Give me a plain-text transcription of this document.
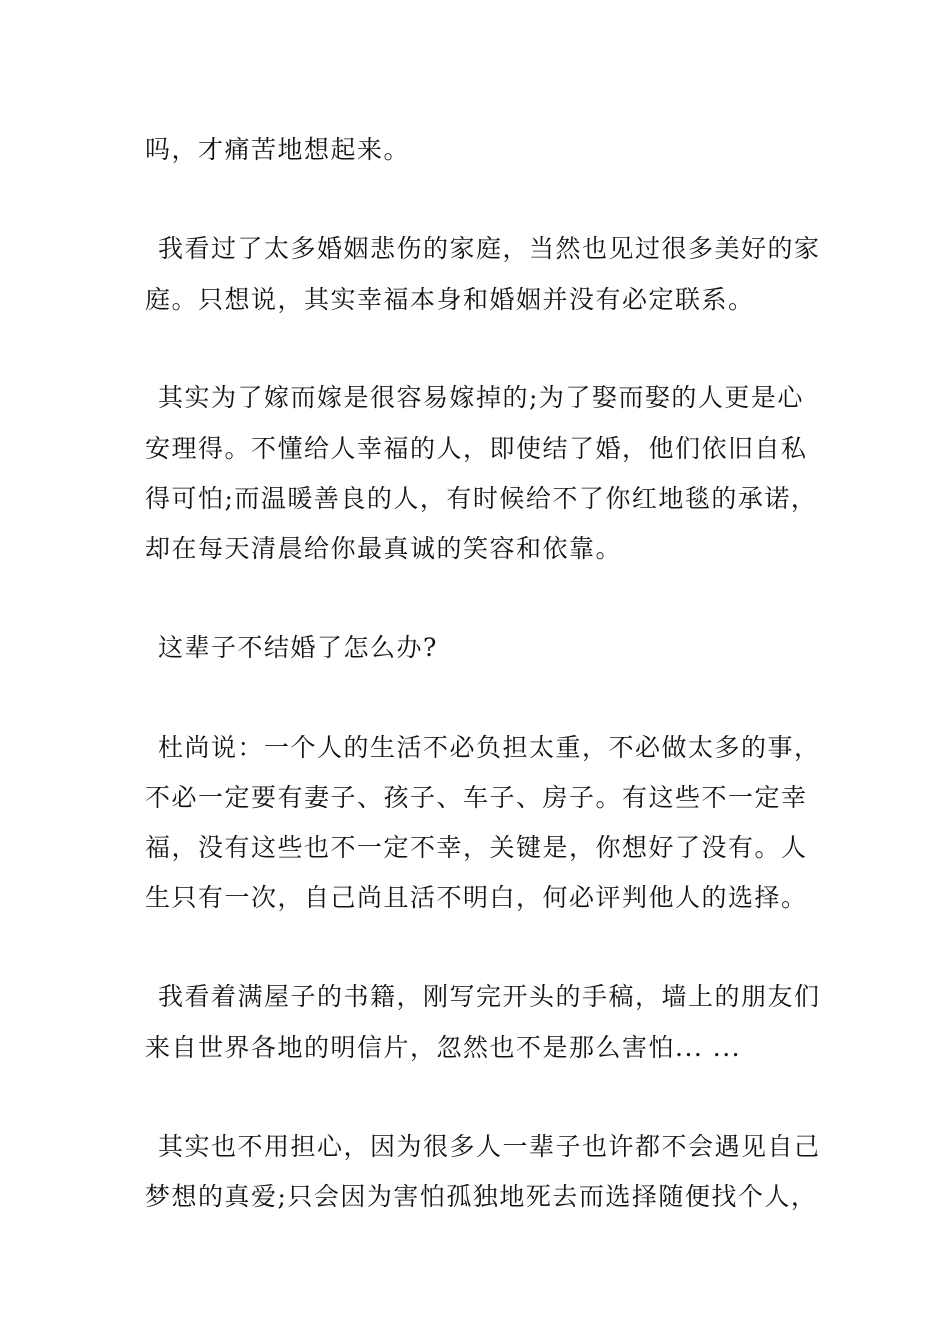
吗，才痛苦地想起来。
我看过了太多婚姻悲伤的家庭，当然也见过很多美好的家
庭。只想说，其实幸福本身和婚姻并没有必定联系。
其实为了嫁而嫁是很容易嫁掉的;为了娶而娶的人更是心
安理得。不懂给人幸福的人，即使结了婚，他们依旧自私
得可怕;而温暖善良的人，有时候给不了你红地毯的承诺，
却在每天清晨给你最真诚的笑容和依靠。
这辈子不结婚了怎么办?
杜尚说：一个人的生活不必负担太重，不必做太多的事，
不必一定要有妻子、孩子、车子、房子。有这些不一定幸
福，没有这些也不一定不幸，关键是，你想好了没有。人
生只有一次，自己尚且活不明白，何必评判他人的选择。
我看着满屋子的书籍，刚写完开头的手稿，墙上的朋友们
来自世界各地的明信片，忽然也不是那么害怕... ...
其实也不用担心，因为很多人一辈子也许都不会遇见自己
梦想的真爱;只会因为害怕孤独地死去而选择随便找个人，
